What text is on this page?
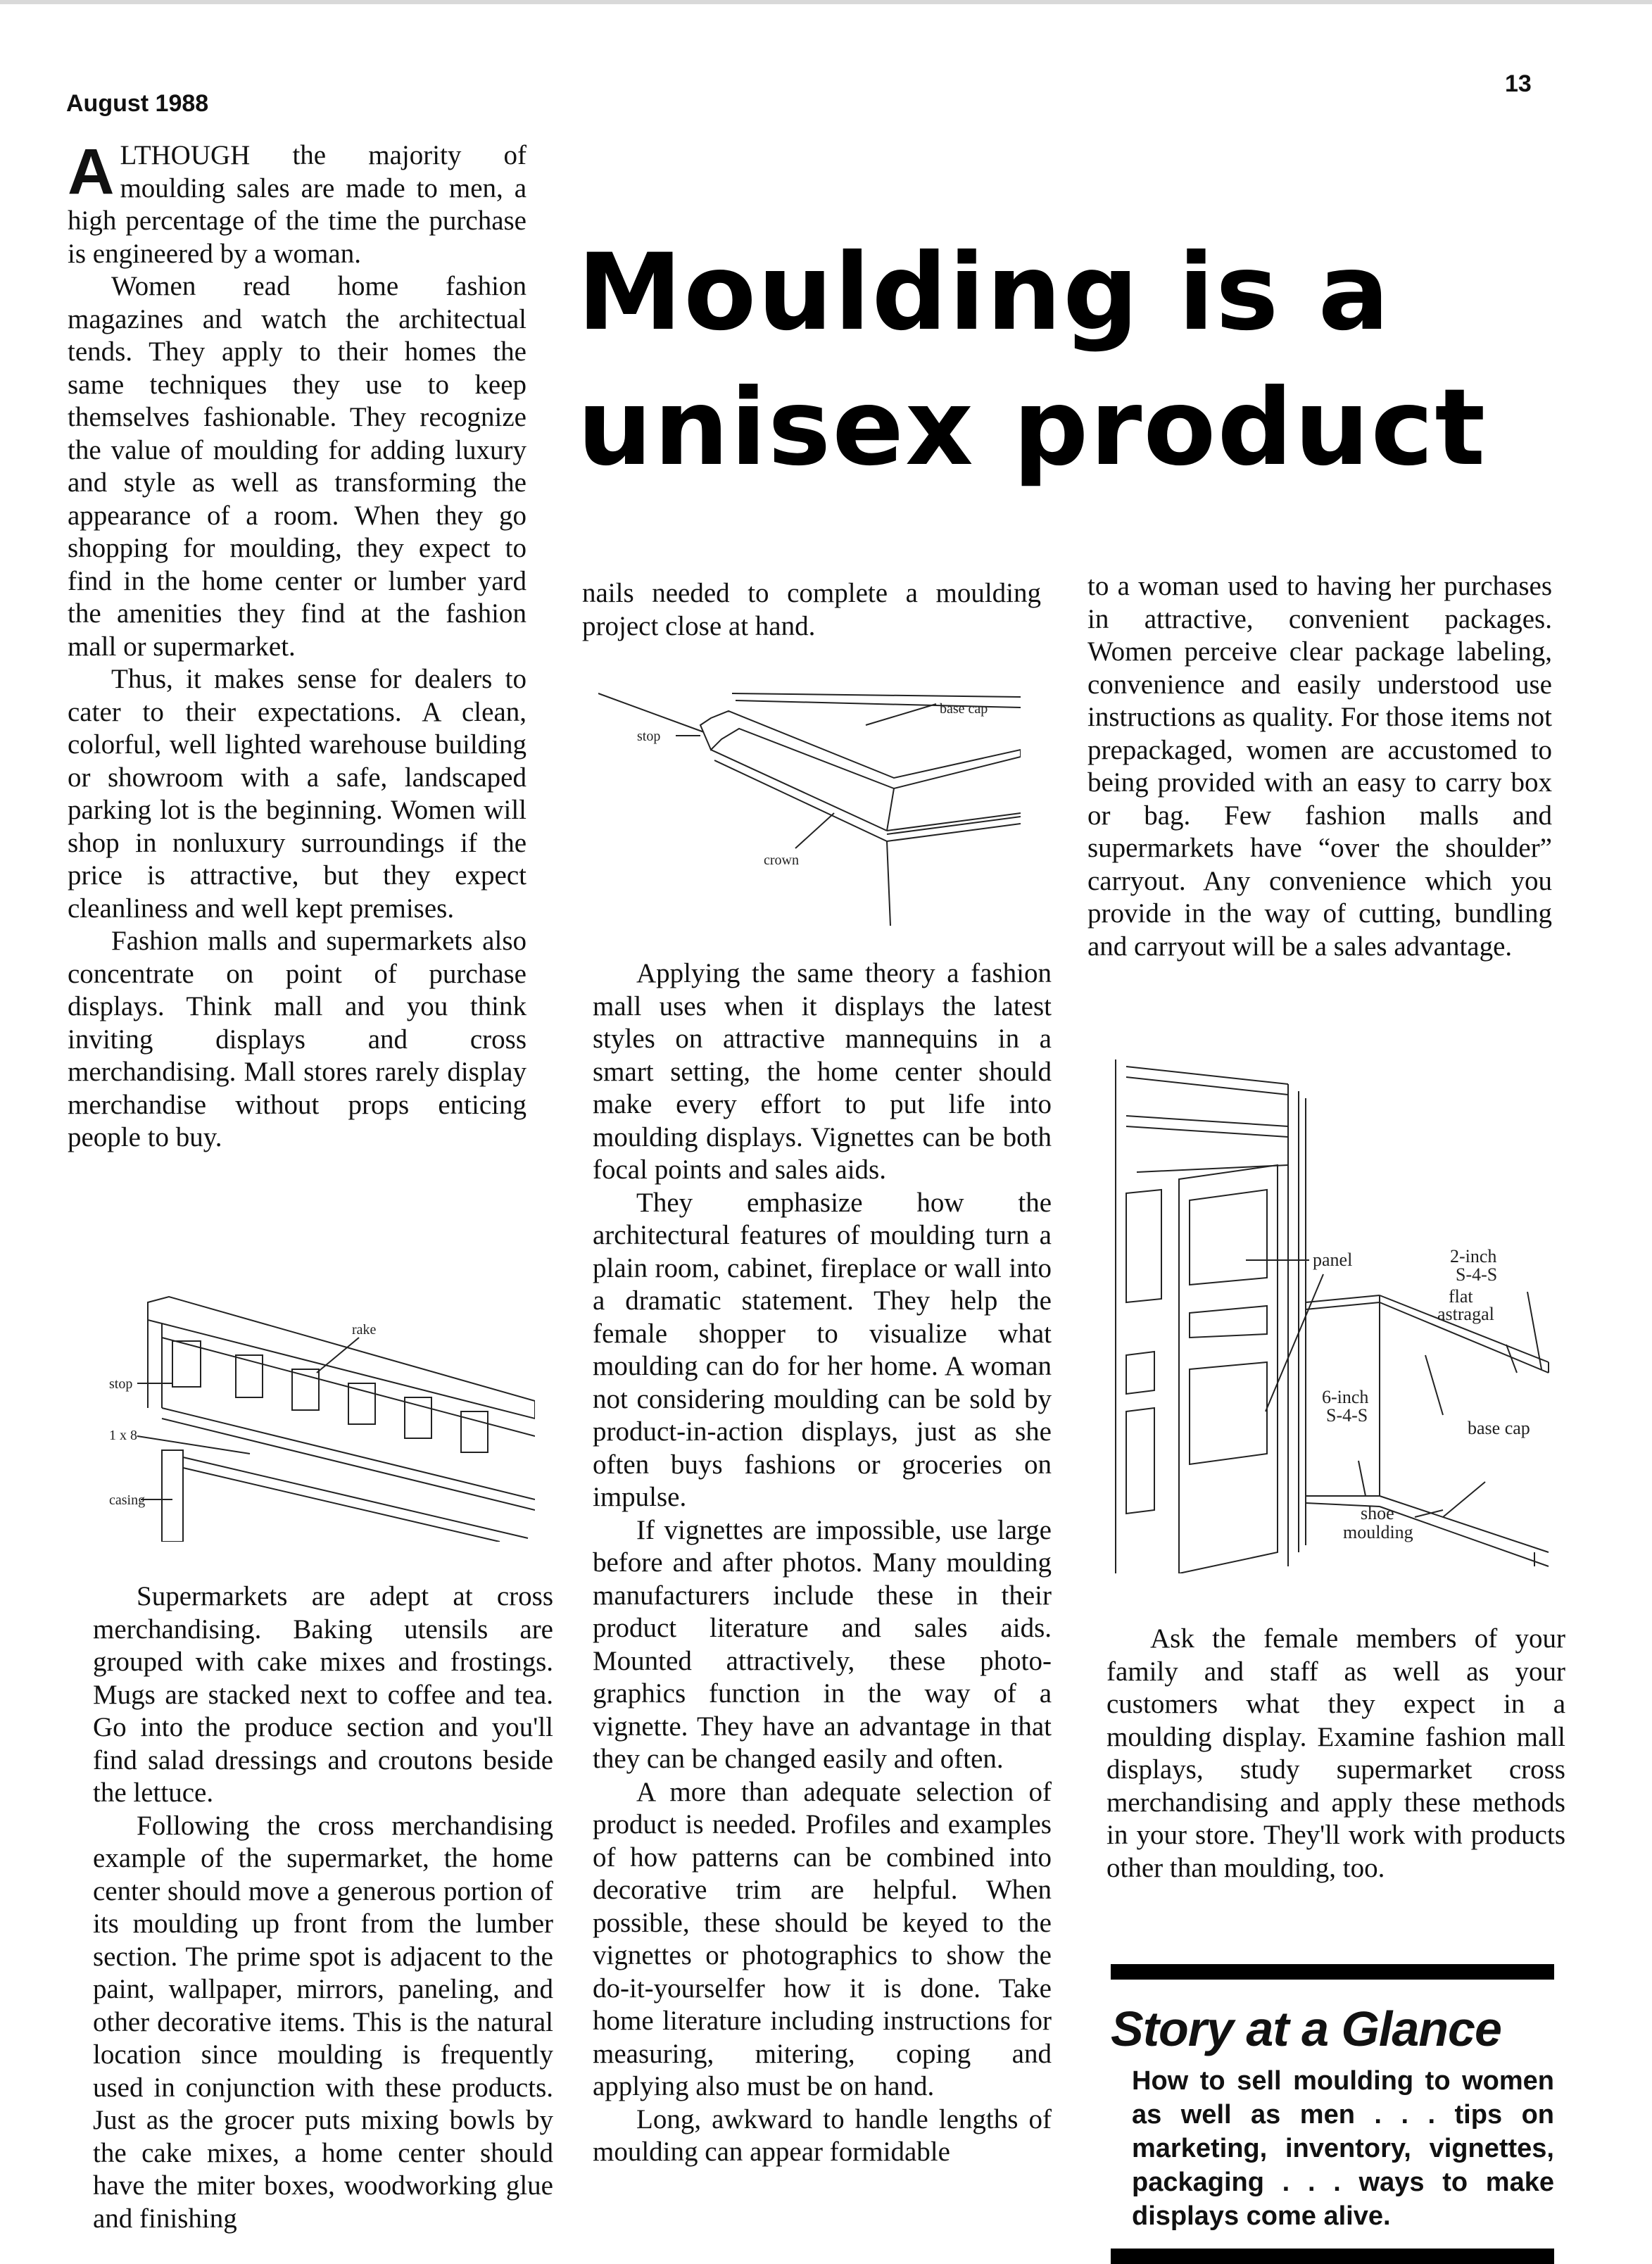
August 1988
13
Moulding is a
unisex product

ALTHOUGH the majority of moulding sales are made to men, a high percentage of the time the purchase is engineered by a woman.

Women read home fashion magazines and watch the architectual tends. They apply to their homes the same techniques they use to keep themselves fashionable. They recognize the value of moulding for adding luxury and style as well as transforming the appearance of a room. When they go shopping for moulding, they expect to find in the home center or lumber yard the amenities they find at the fashion mall or supermarket.

Thus, it makes sense for dealers to cater to their expectations. A clean, colorful, well lighted warehouse building or showroom with a safe, landscaped parking lot is the beginning. Women will shop in nonluxury surroundings if the price is attractive, but they expect cleanliness and well kept premises.

Fashion malls and supermarkets also concentrate on point of purchase displays. Think mall and you think inviting displays and cross merchandising. Mall stores rarely display merchandise without props enticing people to buy.

rake
stop
1 x 8
casing

Supermarkets are adept at cross merchandising. Baking utensils are grouped with cake mixes and frostings. Mugs are stacked next to coffee and tea. Go into the produce section and you'll find salad dressings and croutons beside the lettuce.

Following the cross merchandising example of the supermarket, the home center should move a generous portion of its moulding up front from the lumber section. The prime spot is adjacent to the paint, wallpaper, mirrors, paneling, and other decorative items. This is the natural location since moulding is frequently used in conjunction with these products. Just as the grocer puts mixing bowls by the cake mixes, a home center should have the miter boxes, woodworking glue and finishing

nails needed to complete a moulding project close at hand.

base cap
stop
crown

Applying the same theory a fashion mall uses when it displays the latest styles on attractive mannequins in a smart setting, the home center should make every effort to put life into moulding displays. Vignettes can be both focal points and sales aids.

They emphasize how the architectural features of moulding turn a plain room, cabinet, fireplace or wall into a dramatic statement. They help the female shopper to visualize what moulding can do for her home. A woman not considering moulding can be sold by product-in-action displays, just as she often buys fashions or groceries on impulse.

If vignettes are impossible, use large before and after photos. Many moulding manufacturers include these in their product literature and sales aids. Mounted attractively, these photo-graphics function in the way of a vignette. They have an advantage in that they can be changed easily and often.

A more than adequate selection of product is needed. Profiles and examples of how patterns can be combined into decorative trim are helpful. When possible, these should be keyed to the vignettes or photographics to show the do-it-yourselfer how it is done. Take home literature including instructions for measuring, mitering, coping and applying also must be on hand.

Long, awkward to handle lengths of moulding can appear formidable

to a woman used to having her purchases in attractive, convenient packages. Women perceive clear package labeling, convenience and easily understood use instructions as quality. For those items not prepackaged, women are accustomed to being provided with an easy to carry box or bag. Few fashion malls and supermarkets have “over the shoulder” carryout. Any convenience which you provide in the way of cutting, bundling and carryout will be a sales advantage.

panel	2-inch
S-4-S
flat
astragal
6-inch
S-4-S
base cap
shoe
moulding

Ask the female members of your family and staff as well as your customers what they expect in a moulding display. Examine fashion mall displays, study supermarket cross merchandising and apply these methods in your store. They'll work with products other than moulding, too.

Story at a Glance

How to sell moulding to women as well as men . . . tips on marketing, inventory, vignettes, packaging . . . ways to make displays come alive.
